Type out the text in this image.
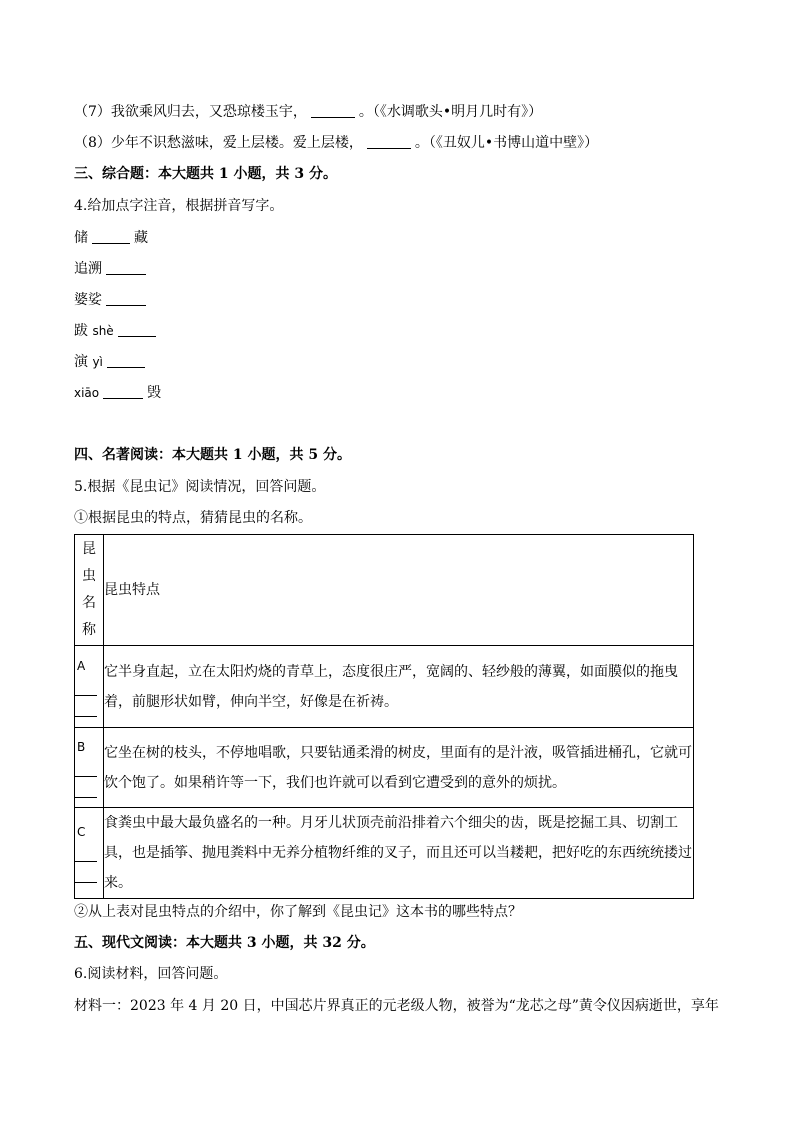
（7）我欲乘风归去，又恐琼楼玉宇，	。（《水调歌头•明月几时有》）
（8）少年不识愁滋味，爱上层楼。爱上层楼，	。（《丑奴儿•书博山道中壁》）
三、综合题：本大题共 1 小题，共 3 分。
4.给加点字注音，根据拼音写字。
储	藏
追溯
婆娑
跋 shè
演 yì
xiāo	毁
四、名著阅读：本大题共 1 小题，共 5 分。
5.根据《昆虫记》阅读情况，回答问题。
①根据昆虫的特点，猜猜昆虫的名称。
昆
虫
名
称	昆虫特点

A	它半身直起，立在太阳灼烧的青草上，态度很庄严，宽阔的、轻纱般的薄翼，如面膜似的拖曳着，前腿形状如臂，伸向半空，好像是在祈祷。

B	它坐在树的枝头，不停地唱歌，只要钻通柔滑的树皮，里面有的是汁液，吸管插进桶孔，它就可饮个饱了。如果稍许等一下，我们也许就可以看到它遭受到的意外的烦扰。

C	食粪虫中最大最负盛名的一种。月牙儿状顶壳前沿排着六个细尖的齿，既是挖掘工具、切割工具，也是插筝、抛甩粪料中无养分植物纤维的叉子，而且还可以当耧耙，把好吃的东西统统搂过来。
②从上表对昆虫特点的介绍中，你了解到《昆虫记》这本书的哪些特点？
五、现代文阅读：本大题共 3 小题，共 32 分。
6.阅读材料，回答问题。
材料一：2023 年 4 月 20 日，中国芯片界真正的元老级人物，被誉为“龙芯之母”黄令仪因病逝世，享年
